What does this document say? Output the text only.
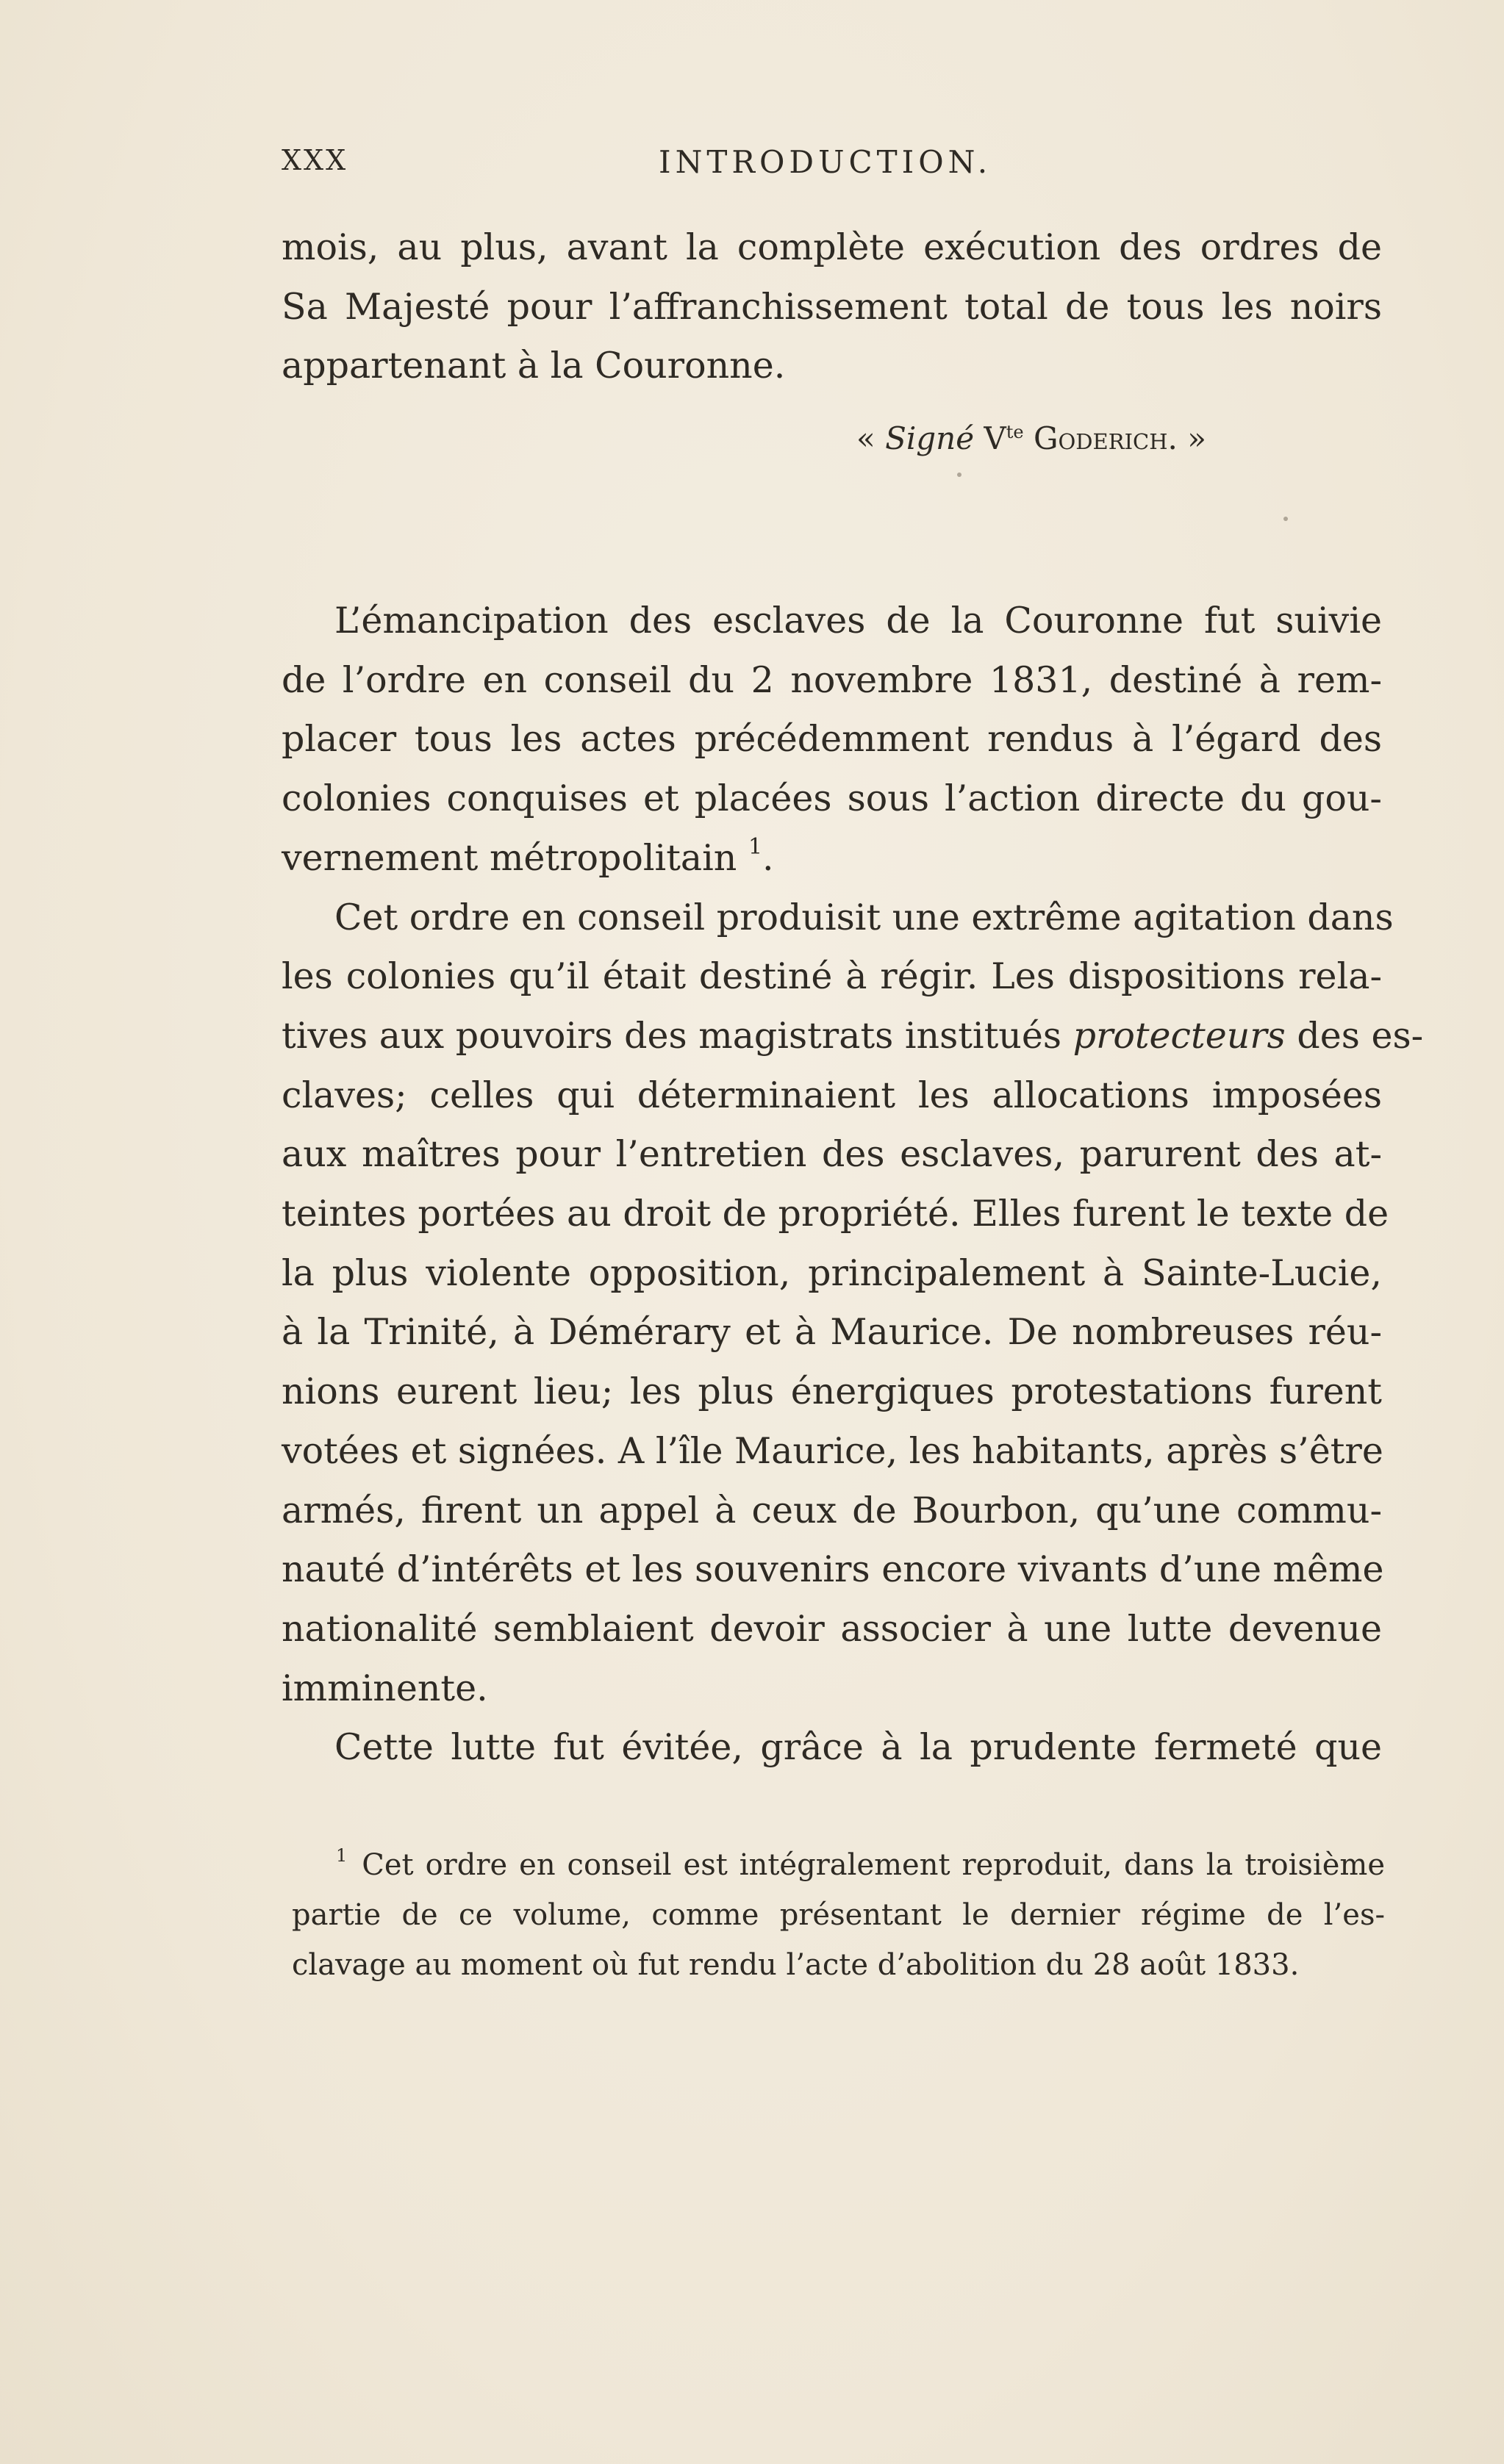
XXX	INTRODUCTION.
mois, au plus, avant la complète exécution des ordres de
Sa Majesté pour l’affranchissement total de tous les noirs
appartenant à la Couronne.
« Signé $V^{te}$ Goderich. »
L’émancipation des esclaves de la Couronne fut suivie
de l’ordre en conseil du 2 novembre 1831, destiné à rem-
placer tous les actes précédemment rendus à l’égard des
colonies conquises et placées sous l’action directe du gou-
vernement métropolitain $^1$.
Cet ordre en conseil produisit une extrême agitation dans
les colonies qu’il était destiné à régir. Les dispositions rela-
tives aux pouvoirs des magistrats institués protecteurs des es-
claves; celles qui déterminaient les allocations imposées
aux maîtres pour l’entretien des esclaves, parurent des at-
teintes portées au droit de propriété. Elles furent le texte de
la plus violente opposition, principalement à Sainte-Lucie,
à la Trinité, à Démérary et à Maurice. De nombreuses réu-
nions eurent lieu; les plus énergiques protestations furent
votées et signées. A l’île Maurice, les habitants, après s’être
armés, firent un appel à ceux de Bourbon, qu’une commu-
nauté d’intérêts et les souvenirs encore vivants d’une même
nationalité semblaient devoir associer à une lutte devenue
imminente.
Cette lutte fut évitée, grâce à la prudente fermeté que
$^1$ Cet ordre en conseil est intégralement reproduit, dans la troisième
partie de ce volume, comme présentant le dernier régime de l’es-
clavage au moment où fut rendu l’acte d’abolition du 28 août 1833.
